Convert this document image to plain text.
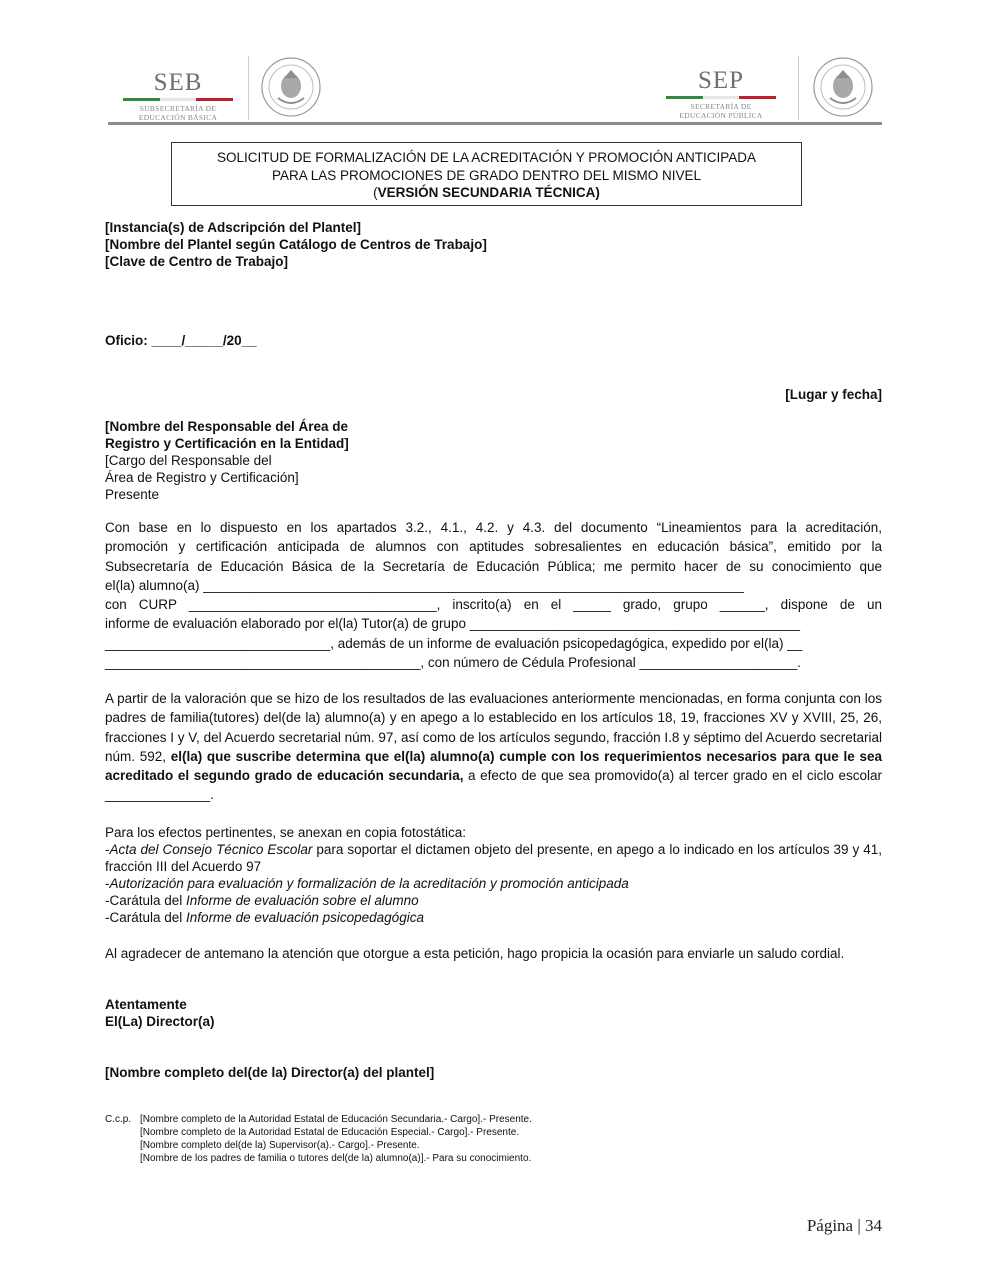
SEB
SUBSECRETARÍA DE
EDUCACIÓN BÁSICA
SEP
SECRETARÍA DE
EDUCACIÓN PÚBLICA
SOLICITUD DE FORMALIZACIÓN DE LA ACREDITACIÓN Y PROMOCIÓN ANTICIPADA
PARA LAS PROMOCIONES DE GRADO DENTRO DEL MISMO NIVEL
(VERSIÓN SECUNDARIA TÉCNICA)
[Instancia(s) de Adscripción del Plantel]
[Nombre del Plantel según Catálogo de Centros de Trabajo]
[Clave de Centro de Trabajo]
Oficio: ____/_____/20__
[Lugar y fecha]
[Nombre del Responsable del Área de
Registro y Certificación en la Entidad]
[Cargo del Responsable del
Área de Registro y Certificación]
Presente
Con base en lo dispuesto en los apartados 3.2., 4.1., 4.2. y 4.3. del documento “Lineamientos para la acreditación,
promoción y certificación anticipada de alumnos con aptitudes sobresalientes en educación básica”, emitido por la
Subsecretaría de Educación Básica de la Secretaría de Educación Pública; me permito hacer de su conocimiento que
el(la) alumno(a) ________________________________________________________________________
con CURP _________________________________, inscrito(a) en el _____ grado, grupo ______, dispone de un
informe de evaluación elaborado por el(la) Tutor(a) de grupo ____________________________________________
______________________________, además de un informe de evaluación psicopedagógica, expedido por el(la) __
__________________________________________, con número de Cédula Profesional _____________________.
A partir de la valoración que se hizo de los resultados de las evaluaciones anteriormente mencionadas, en forma conjunta con los padres de familia(tutores) del(de la) alumno(a) y en apego a lo establecido en los artículos 18, 19, fracciones XV y XVIII, 25, 26, fracciones I y V, del Acuerdo secretarial núm. 97, así como de los artículos segundo, fracción I.8 y séptimo del Acuerdo secretarial núm. 592, el(la) que suscribe determina que el(la) alumno(a) cumple con los requerimientos necesarios para que le sea acreditado el segundo grado de educación secundaria, a efecto de que sea promovido(a) al tercer grado en el ciclo escolar ______________.
Para los efectos pertinentes, se anexan en copia fotostática:
-Acta del Consejo Técnico Escolar para soportar el dictamen objeto del presente, en apego a lo indicado en los artículos 39 y 41, fracción III del Acuerdo 97
-Autorización para evaluación y formalización de la acreditación y promoción anticipada
-Carátula del Informe de evaluación sobre el alumno
-Carátula del Informe de evaluación psicopedagógica
Al agradecer de antemano la atención que otorgue a esta petición, hago propicia la ocasión para enviarle un saludo cordial.
Atentamente
El(La) Director(a)
[Nombre completo del(de la) Director(a) del plantel]
C.c.p. [Nombre completo de la Autoridad Estatal de Educación Secundaria.- Cargo].- Presente.
[Nombre completo de la Autoridad Estatal de Educación Especial.- Cargo].- Presente.
[Nombre completo del(de la) Supervisor(a).- Cargo].- Presente.
[Nombre de los padres de familia o tutores del(de la) alumno(a)].- Para su conocimiento.
Página | 34
